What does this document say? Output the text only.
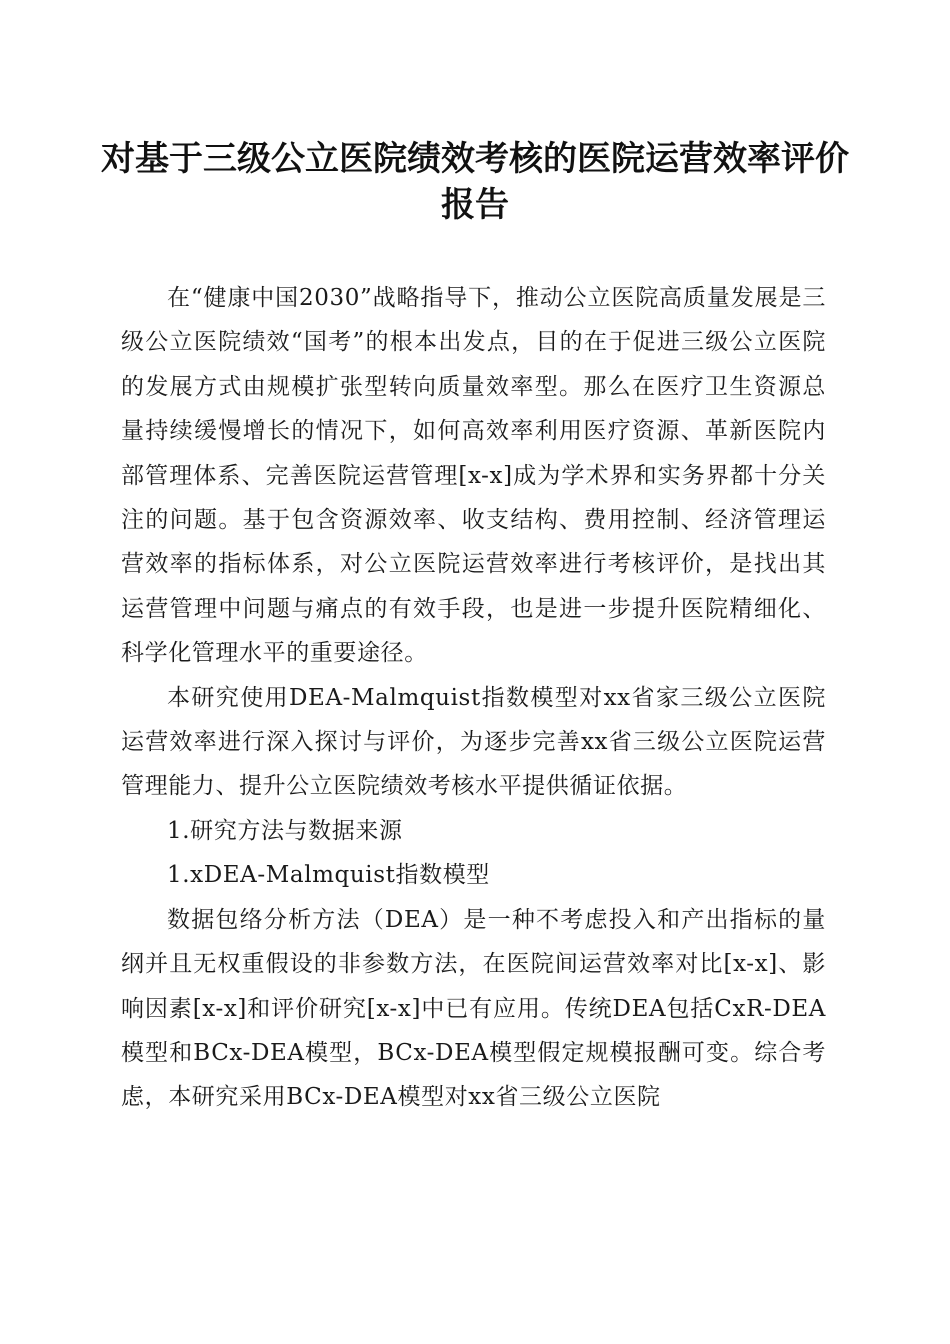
对基于三级公立医院绩效考核的医院运营效率评价报告

在“健康中国2030”战略指导下，推动公立医院高质量发展是三级公立医院绩效“国考”的根本出发点，目的在于促进三级公立医院的发展方式由规模扩张型转向质量效率型。那么在医疗卫生资源总量持续缓慢增长的情况下，如何高效率利用医疗资源、革新医院内部管理体系、完善医院运营管理[x-x]成为学术界和实务界都十分关注的问题。基于包含资源效率、收支结构、费用控制、经济管理运营效率的指标体系，对公立医院运营效率进行考核评价，是找出其运营管理中问题与痛点的有效手段，也是进一步提升医院精细化、科学化管理水平的重要途径。

本研究使用DEA-Malmquist指数模型对xx省家三级公立医院运营效率进行深入探讨与评价，为逐步完善xx省三级公立医院运营管理能力、提升公立医院绩效考核水平提供循证依据。

1.研究方法与数据来源

1.xDEA-Malmquist指数模型

数据包络分析方法（DEA）是一种不考虑投入和产出指标的量纲并且无权重假设的非参数方法，在医院间运营效率对比[x-x]、影响因素[x-x]和评价研究[x-x]中已有应用。传统DEA包括CxR-DEA模型和BCx-DEA模型，BCx-DEA模型假定规模报酬可变。综合考虑，本研究采用BCx-DEA模型对xx省三级公立医院
